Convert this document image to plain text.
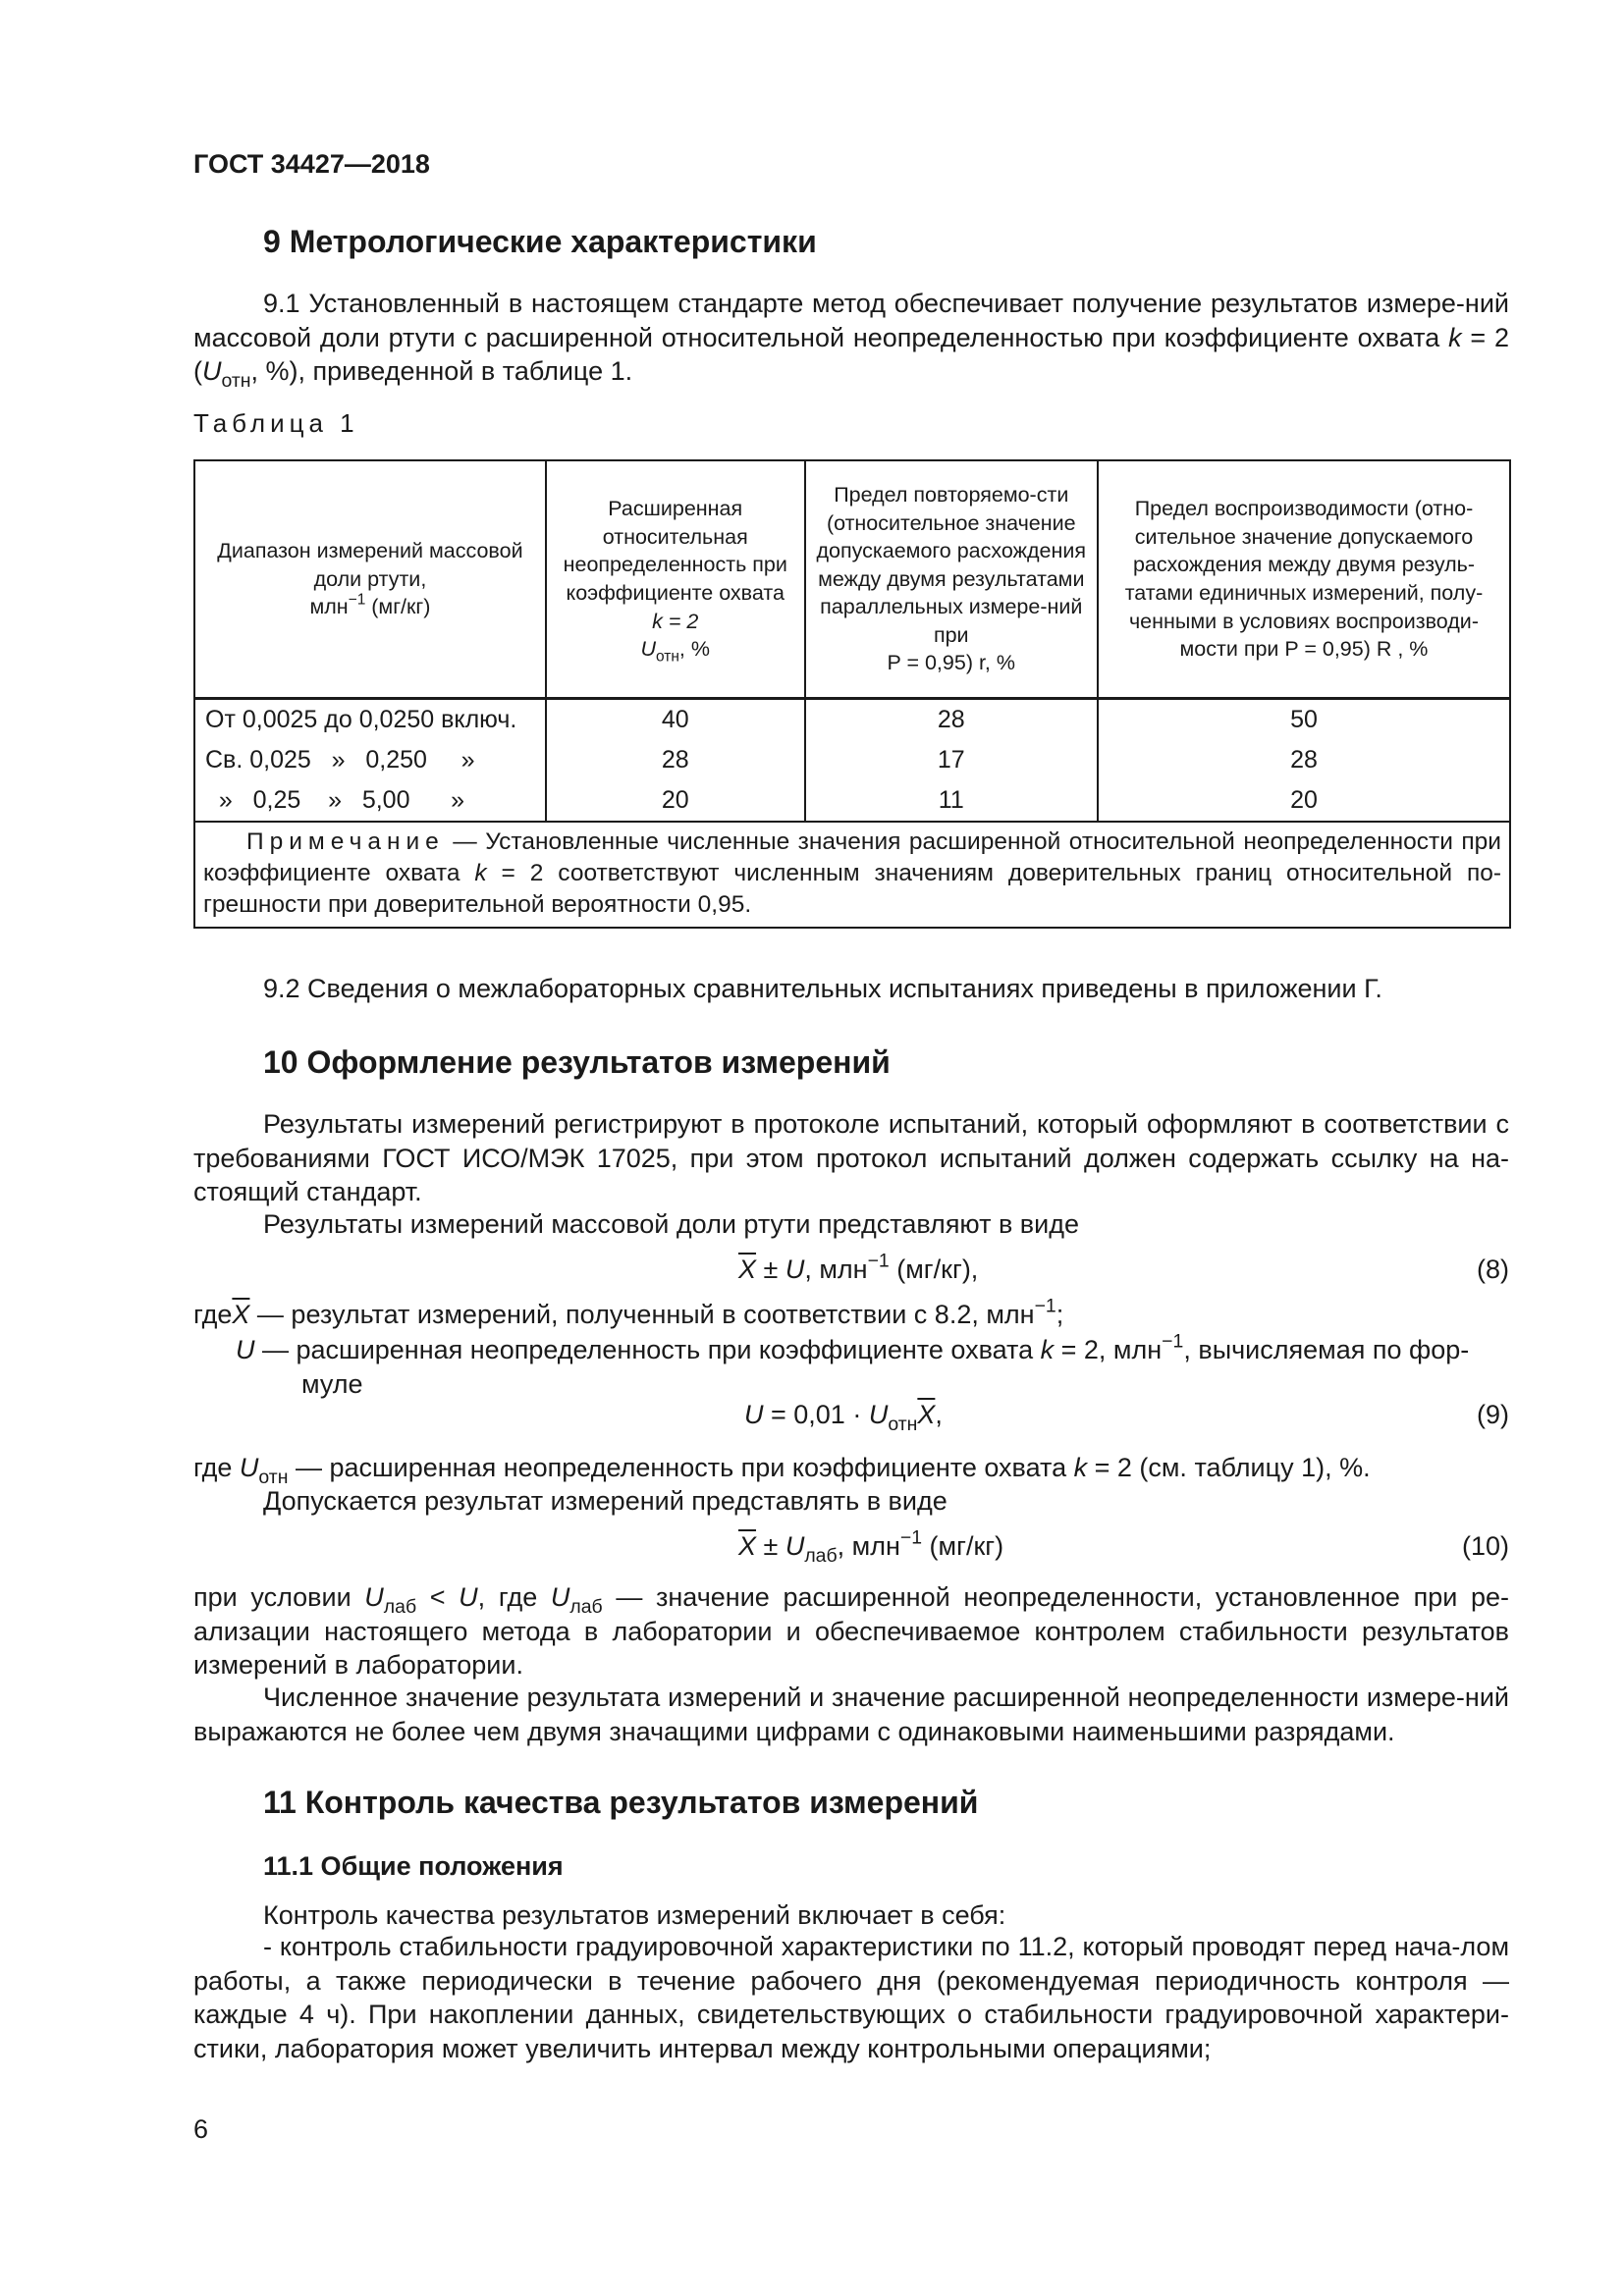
ГОСТ 34427—2018
9 Метрологические характеристики

9.1 Установленный в настоящем стандарте метод обеспечивает получение результатов измере-ний массовой доли ртути с расширенной относительной неопределенностью при коэффициенте охвата k = 2 ($U_{отн}$, %), приведенной в таблице 1.

Таблица 1
Диапазон измерений массовой доли ртути,
млн$^{-1}$ (мг/кг)	Расширенная относительная неопределенность при коэффициенте охвата
k = 2
$U_{отн}$, %	Предел повторяемо-сти (относительное значение допускаемого расхождения между двумя результатами параллельных измере-ний при
P = 0,95) r, %	Предел воспроизводимости (отно-сительное значение допускаемого расхождения между двумя резуль-татами единичных измерений, полу-ченными в условиях воспроизводи-мости при P = 0,95) R , %
От 0,0025 до 0,0250 включ.	40	28	50
Св. 0,025   »   0,250     »	28	17	28
»   0,25    »   5,00      »	20	11	20
Примечание — Установленные численные значения расширенной относительной неопределенности при коэффициенте охвата k = 2 соответствуют численным значениям доверительных границ относительной по-грешности при доверительной вероятности 0,95.			
9.2 Сведения о межлабораторных сравнительных испытаниях приведены в приложении Г.
10 Оформление результатов измерений

Результаты измерений регистрируют в протоколе испытаний, который оформляют в соответствии с требованиями ГОСТ ИСО/МЭК 17025, при этом протокол испытаний должен содержать ссылку на на-стоящий стандарт.

Результаты измерений массовой доли ртути представляют в виде
$\overline{X} \pm U$, млн$^{-1}$ (мг/кг),	(8)
$где\overline{X}$ — результат измерений, полученный в соответствии с 8.2, млн$^{-1}$;
U — расширенная неопределенность при коэффициенте охвата k = 2, млн$^{-1}$, вычисляемая по фор-
муле
$U = 0,01 \cdot U_{отн}\overline{X}$,	(9)
где $U_{отн}$ — расширенная неопределенность при коэффициенте охвата k = 2 (см. таблицу 1), %.
Допускается результат измерений представлять в виде
$\overline{X} \pm U_{лаб}$, млн$^{-1}$ (мг/кг)	(10)

при условии $U_{лаб} < U$, где $U_{лаб}$ — значение расширенной неопределенности, установленное при ре-ализации настоящего метода в лаборатории и обеспечиваемое контролем стабильности результатов измерений в лаборатории.

Численное значение результата измерений и значение расширенной неопределенности измере-ний выражаются не более чем двумя значащими цифрами с одинаковыми наименьшими разрядами.

11 Контроль качества результатов измерений
11.1 Общие положения
Контроль качества результатов измерений включает в себя:

- контроль стабильности градуировочной характеристики по 11.2, который проводят перед нача-лом работы, а также периодически в течение рабочего дня (рекомендуемая периодичность контроля — каждые 4 ч). При накоплении данных, свидетельствующих о стабильности градуировочной характери-стики, лаборатория может увеличить интервал между контрольными операциями;

6
